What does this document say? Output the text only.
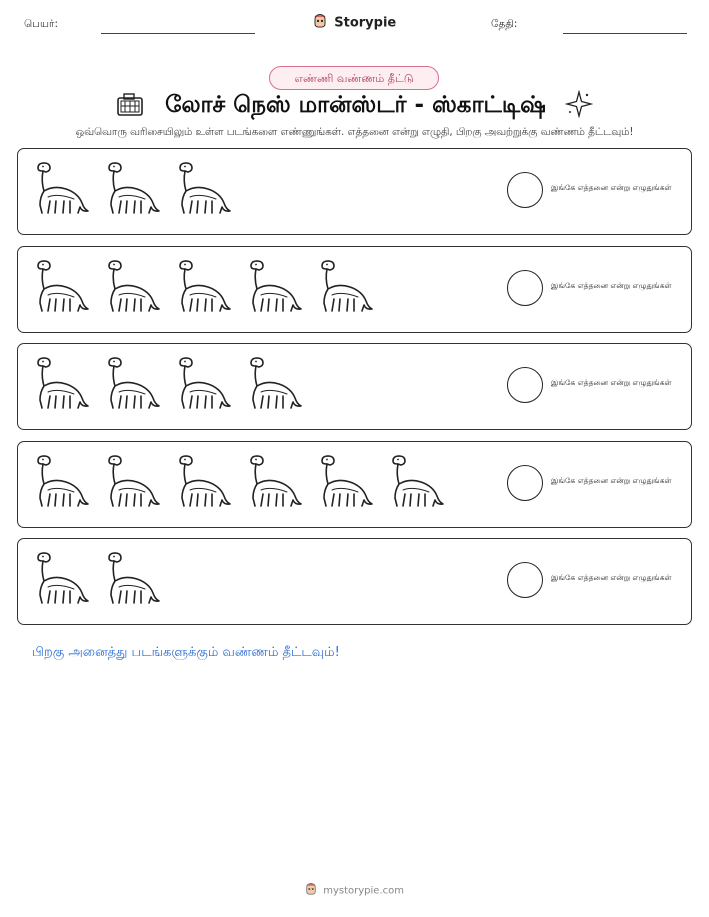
பெயர்:	Storypie	தேதி:
எண்ணி வண்ணம் தீட்டு
லோச் நெஸ் மான்ஸ்டர் - ஸ்காட்டிஷ்
ஒவ்வொரு வரிசையிலும் உள்ள படங்களை எண்ணுங்கள். எத்தனை என்று எழுதி, பிறகு அவற்றுக்கு வண்ணம் தீட்டவும்!
இங்கே எத்தனை என்று எழுதுங்கள்
இங்கே எத்தனை என்று எழுதுங்கள்
இங்கே எத்தனை என்று எழுதுங்கள்
இங்கே எத்தனை என்று எழுதுங்கள்
இங்கே எத்தனை என்று எழுதுங்கள்
பிறகு அனைத்து படங்களுக்கும் வண்ணம் தீட்டவும்!
mystorypie.com
